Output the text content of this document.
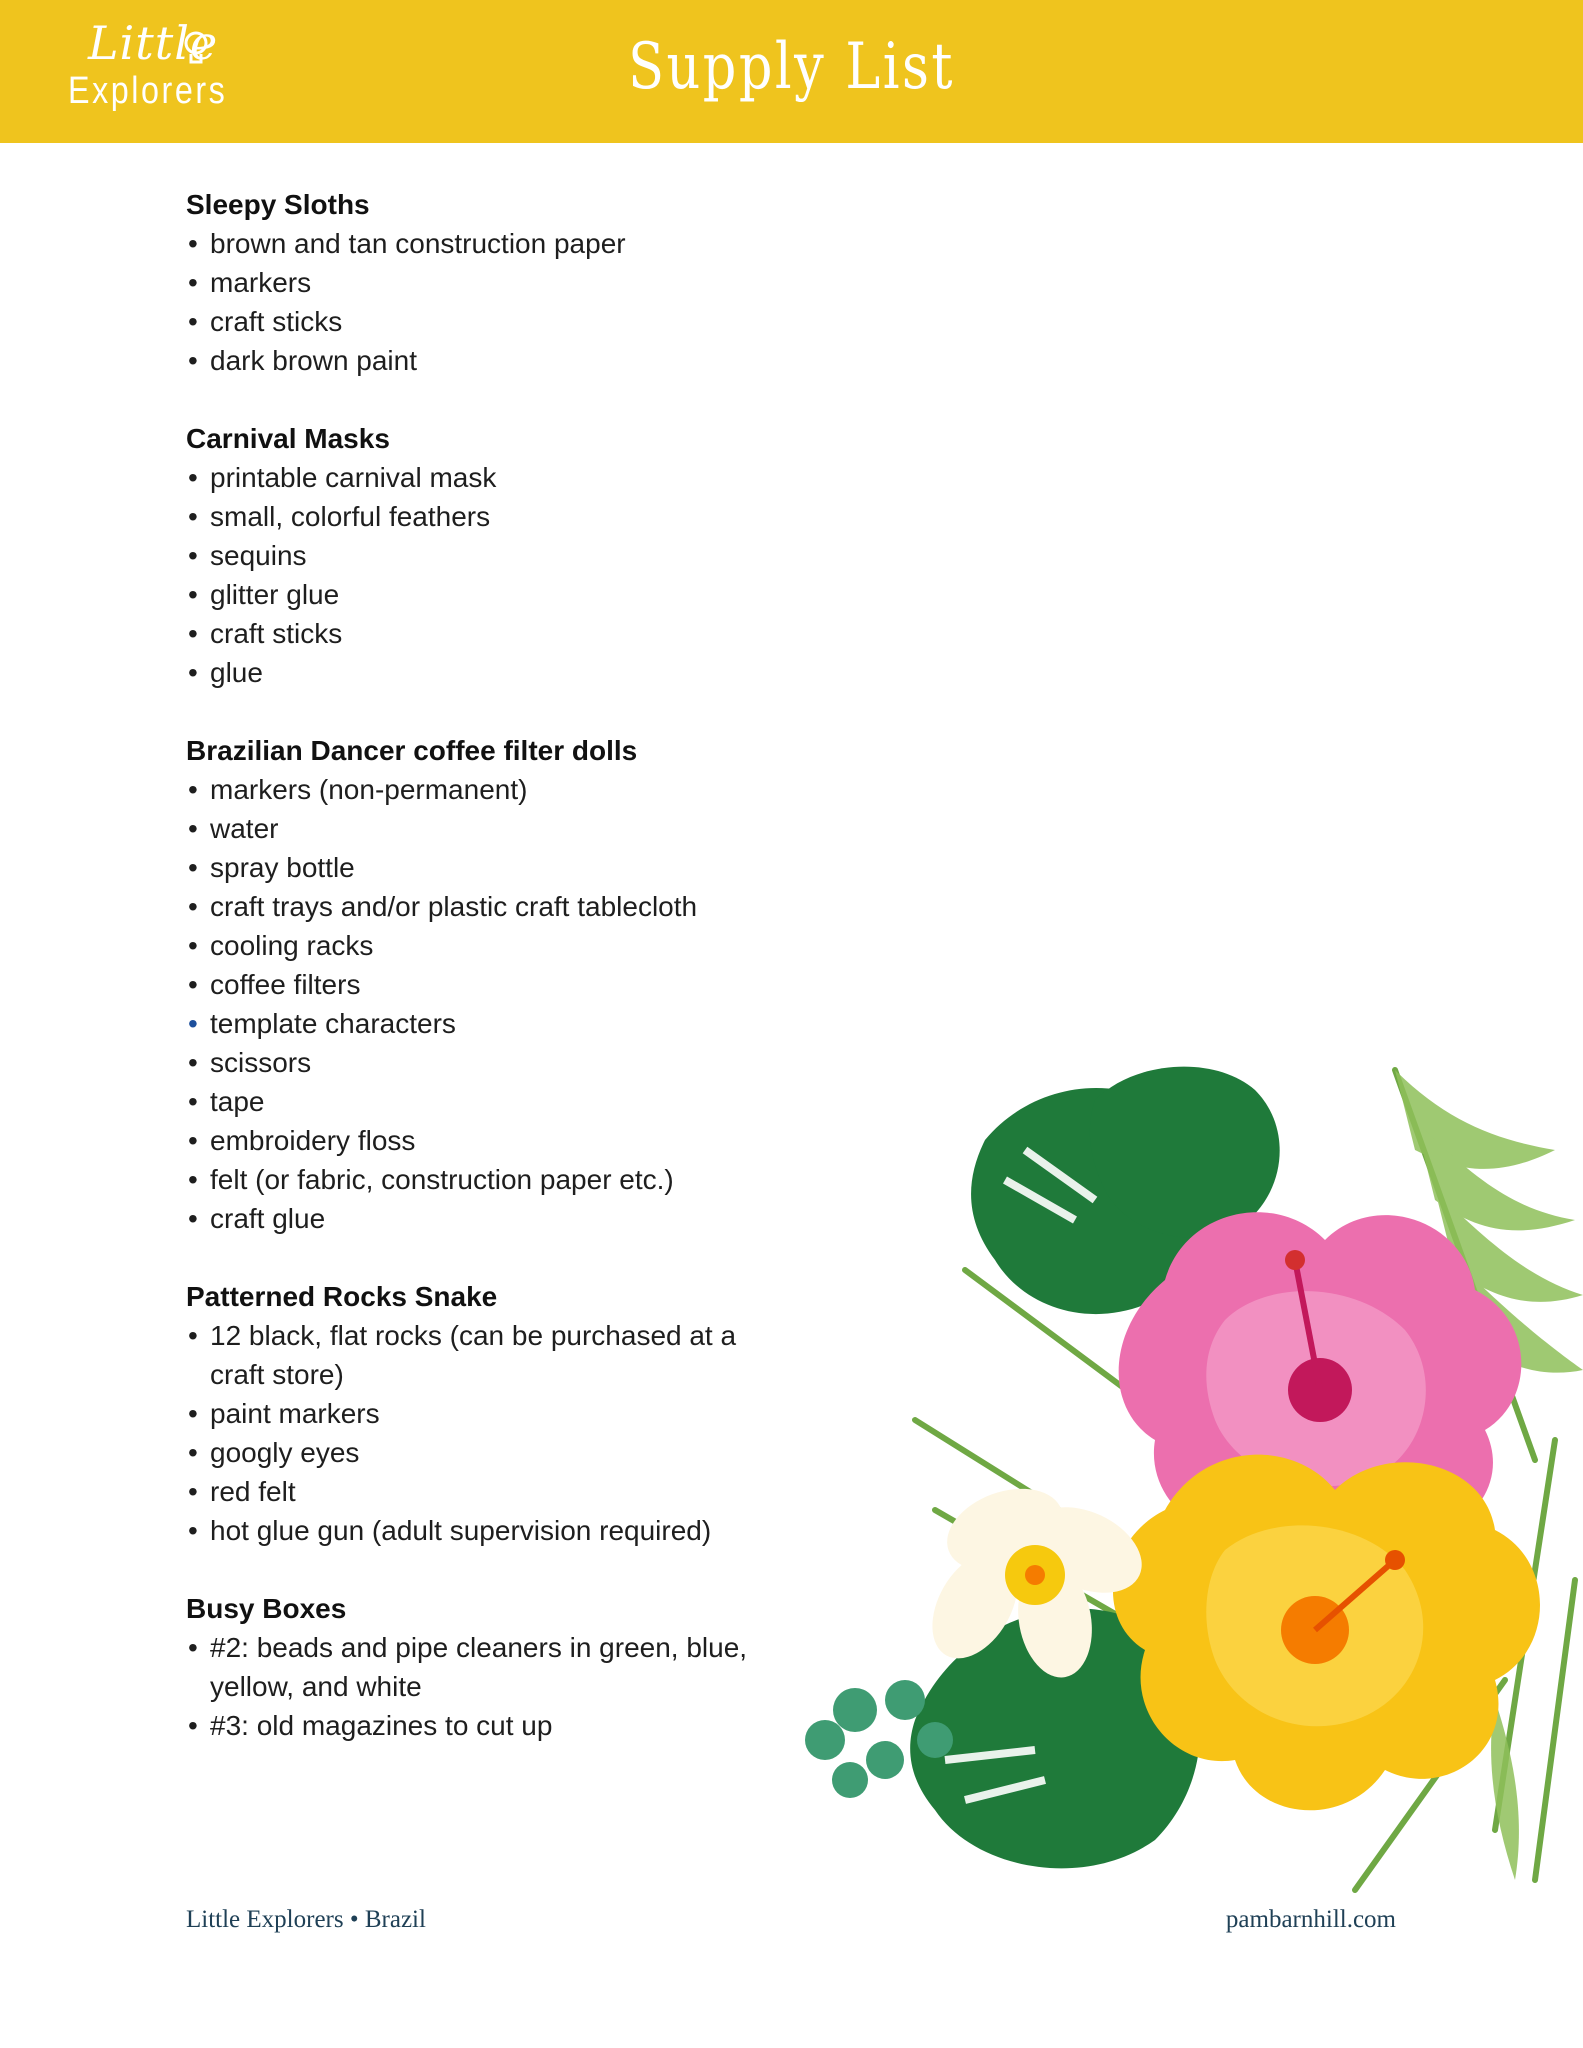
Little
Explorers	Supply List
Sleepy Sloths
• brown and tan construction paper
• markers
• craft sticks
• dark brown paint
Carnival Masks
• printable carnival mask
• small, colorful feathers
• sequins
• glitter glue
• craft sticks
• glue
Brazilian Dancer coffee filter dolls
• markers (non-permanent)
• water
• spray bottle
• craft trays and/or plastic craft tablecloth
• cooling racks
• coffee filters
• template characters
• scissors
• tape
• embroidery floss
• felt (or fabric, construction paper etc.)
• craft glue
Patterned Rocks Snake
• 12 black, flat rocks (can be purchased at a craft store)
• paint markers
• googly eyes
• red felt
• hot glue gun (adult supervision required)
Busy Boxes
• #2: beads and pipe cleaners in green, blue, yellow, and white
• #3: old magazines to cut up
Little Explorers • Brazil	pambarnhill.com
